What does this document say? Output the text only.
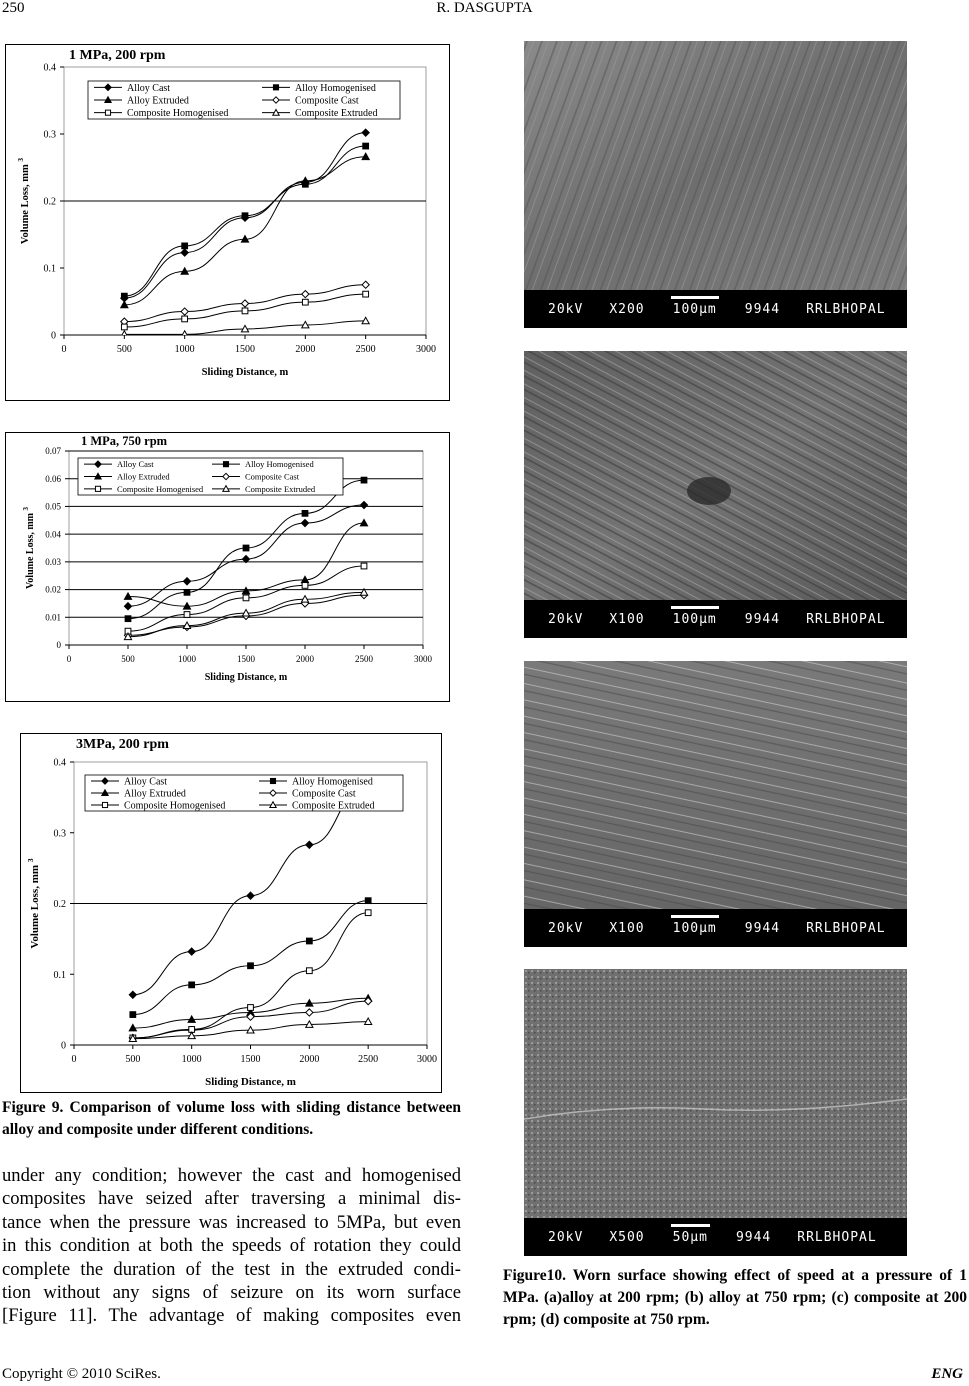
250	R. DASGUPTA
0
0.1
0.2
0.3
0.4
0	500	1000	1500	2000	2500	3000
Sliding Distance, m
Volume Loss, mm $^3$
1 MPa, 200 rpm
Alloy Cast	Alloy Homogenised
Alloy Extruded	Composite Cast
Composite Homogenised	Composite Extruded
0
0.01
0.02
0.03
0.04
0.05
0.06
0.07
0	500	1000	1500	2000	2500	3000
Sliding Distance, m
Volume Loss, mm $^3$
1 MPa, 750 rpm
Alloy Cast	Alloy Homogenised
Alloy Extruded	Composite Cast
Composite Homogenised	Composite Extruded
0
0.1
0.2
0.3
0.4
0	500	1000	1500	2000	2500	3000
Sliding Distance, m
Volume Loss, mm $^3$
3MPa, 200 rpm
Alloy Cast	Alloy Homogenised
Alloy Extruded	Composite Cast
Composite Homogenised	Composite Extruded
Figure 9. Comparison of volume loss with sliding distance between alloy and composite under different conditions.
under any condition; however the cast and homogenised
composites have seized after traversing a minimal dis-
tance when the pressure was increased to 5MPa, but even
in this condition at both the speeds of rotation they could
complete the duration of the test in the extruded condi-
tion without any signs of seizure on its worn surface
[Figure 11]. The advantage of making composites even
20kV X200 100µm 9944 RRLBHOPAL
20kV X100 100µm 9944 RRLBHOPAL
20kV X100 100µm 9944 RRLBHOPAL
20kV X500 50µm 9944 RRLBHOPAL
Figure10. Worn surface showing effect of speed at a pressure of 1 MPa. (a)alloy at 200 rpm; (b) alloy at 750 rpm; (c) composite at 200 rpm; (d) composite at 750 rpm.
Copyright © 2010 SciRes.	ENG
